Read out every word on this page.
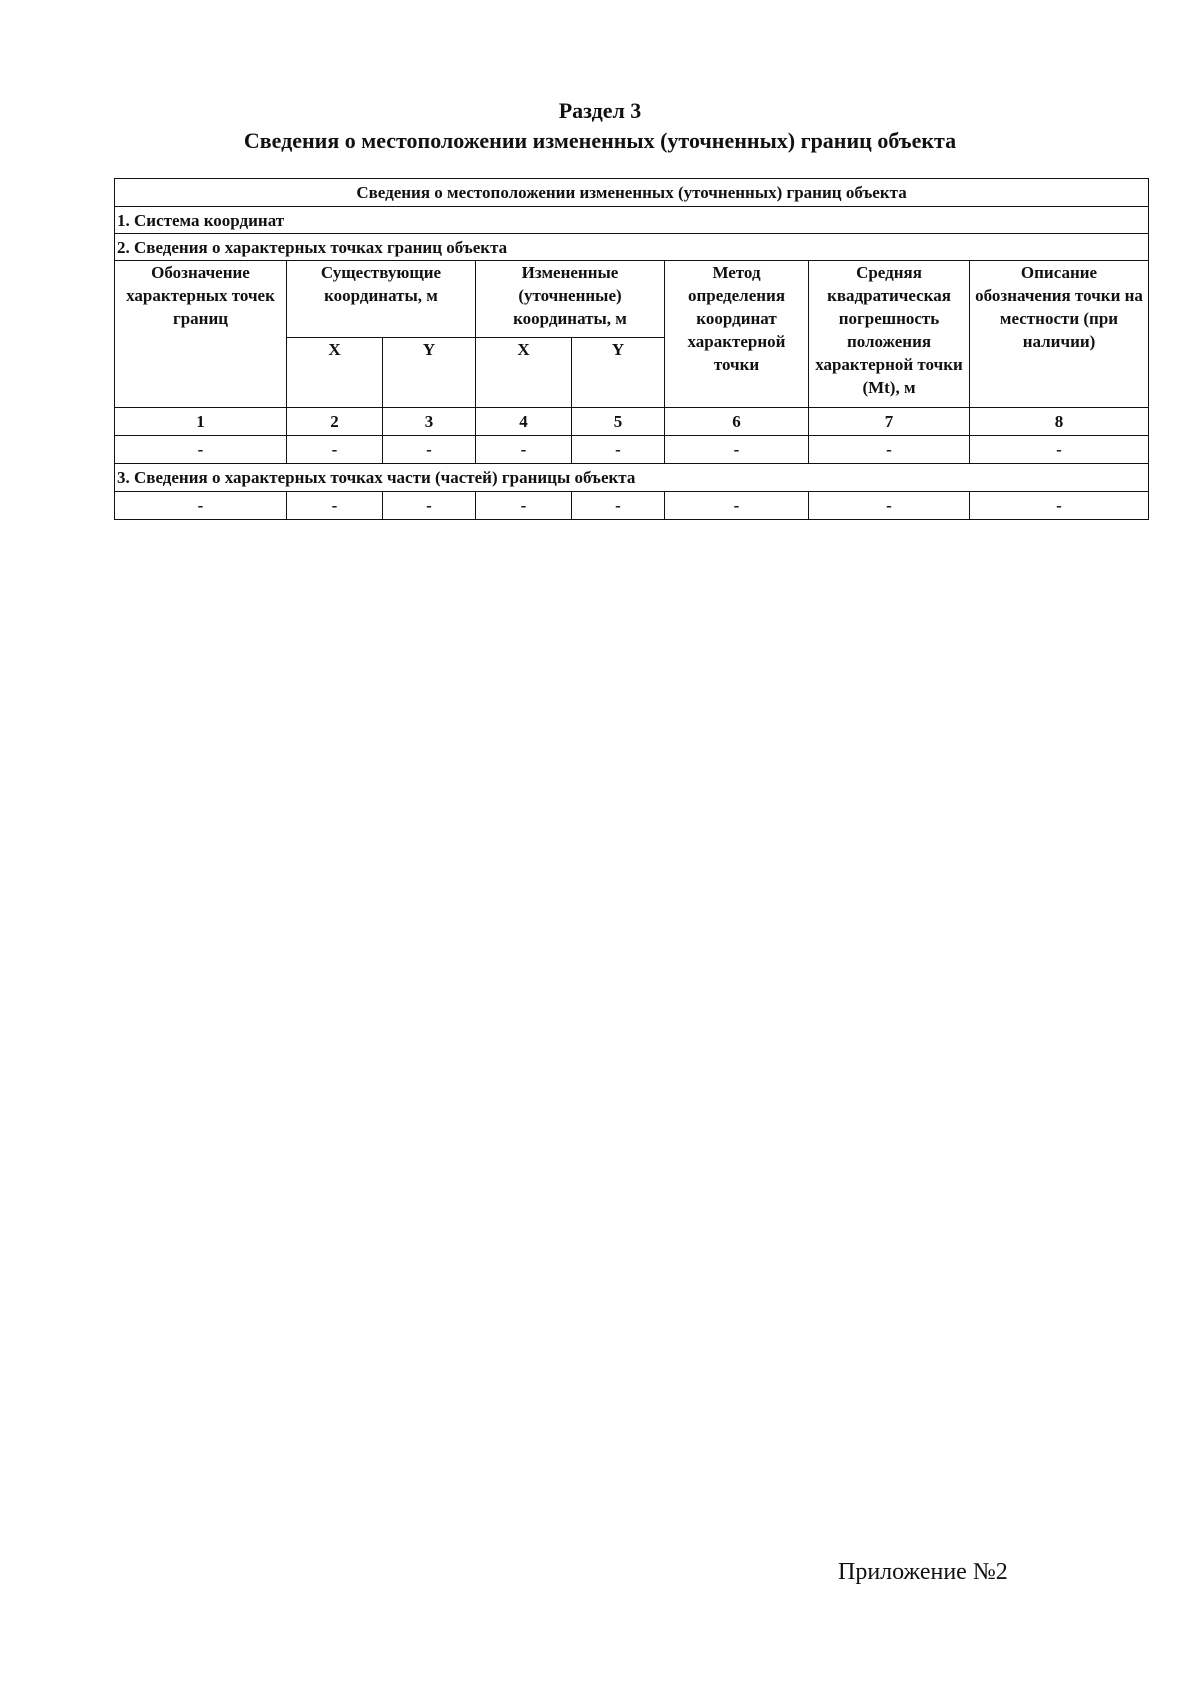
Раздел 3
Сведения о местоположении измененных (уточненных) границ объекта
Сведения о местоположении измененных (уточненных) границ объекта							
1. Система координат							
2. Сведения о характерных точках границ объекта							
Обозначение характерных точек границ	Существующие координаты, м		Измененные (уточненные) координаты, м		Метод определения координат характерной точки	Средняя квадратическая погрешность положения характерной точки (Mt), м	Описание обозначения точки на местности (при наличии)
	X	Y	X	Y			
1	2	3	4	5	6	7	8
-	-	-	-	-	-	-	-
3. Сведения о характерных точках части (частей) границы объекта							
-	-	-	-	-	-	-	-
Приложение №2
